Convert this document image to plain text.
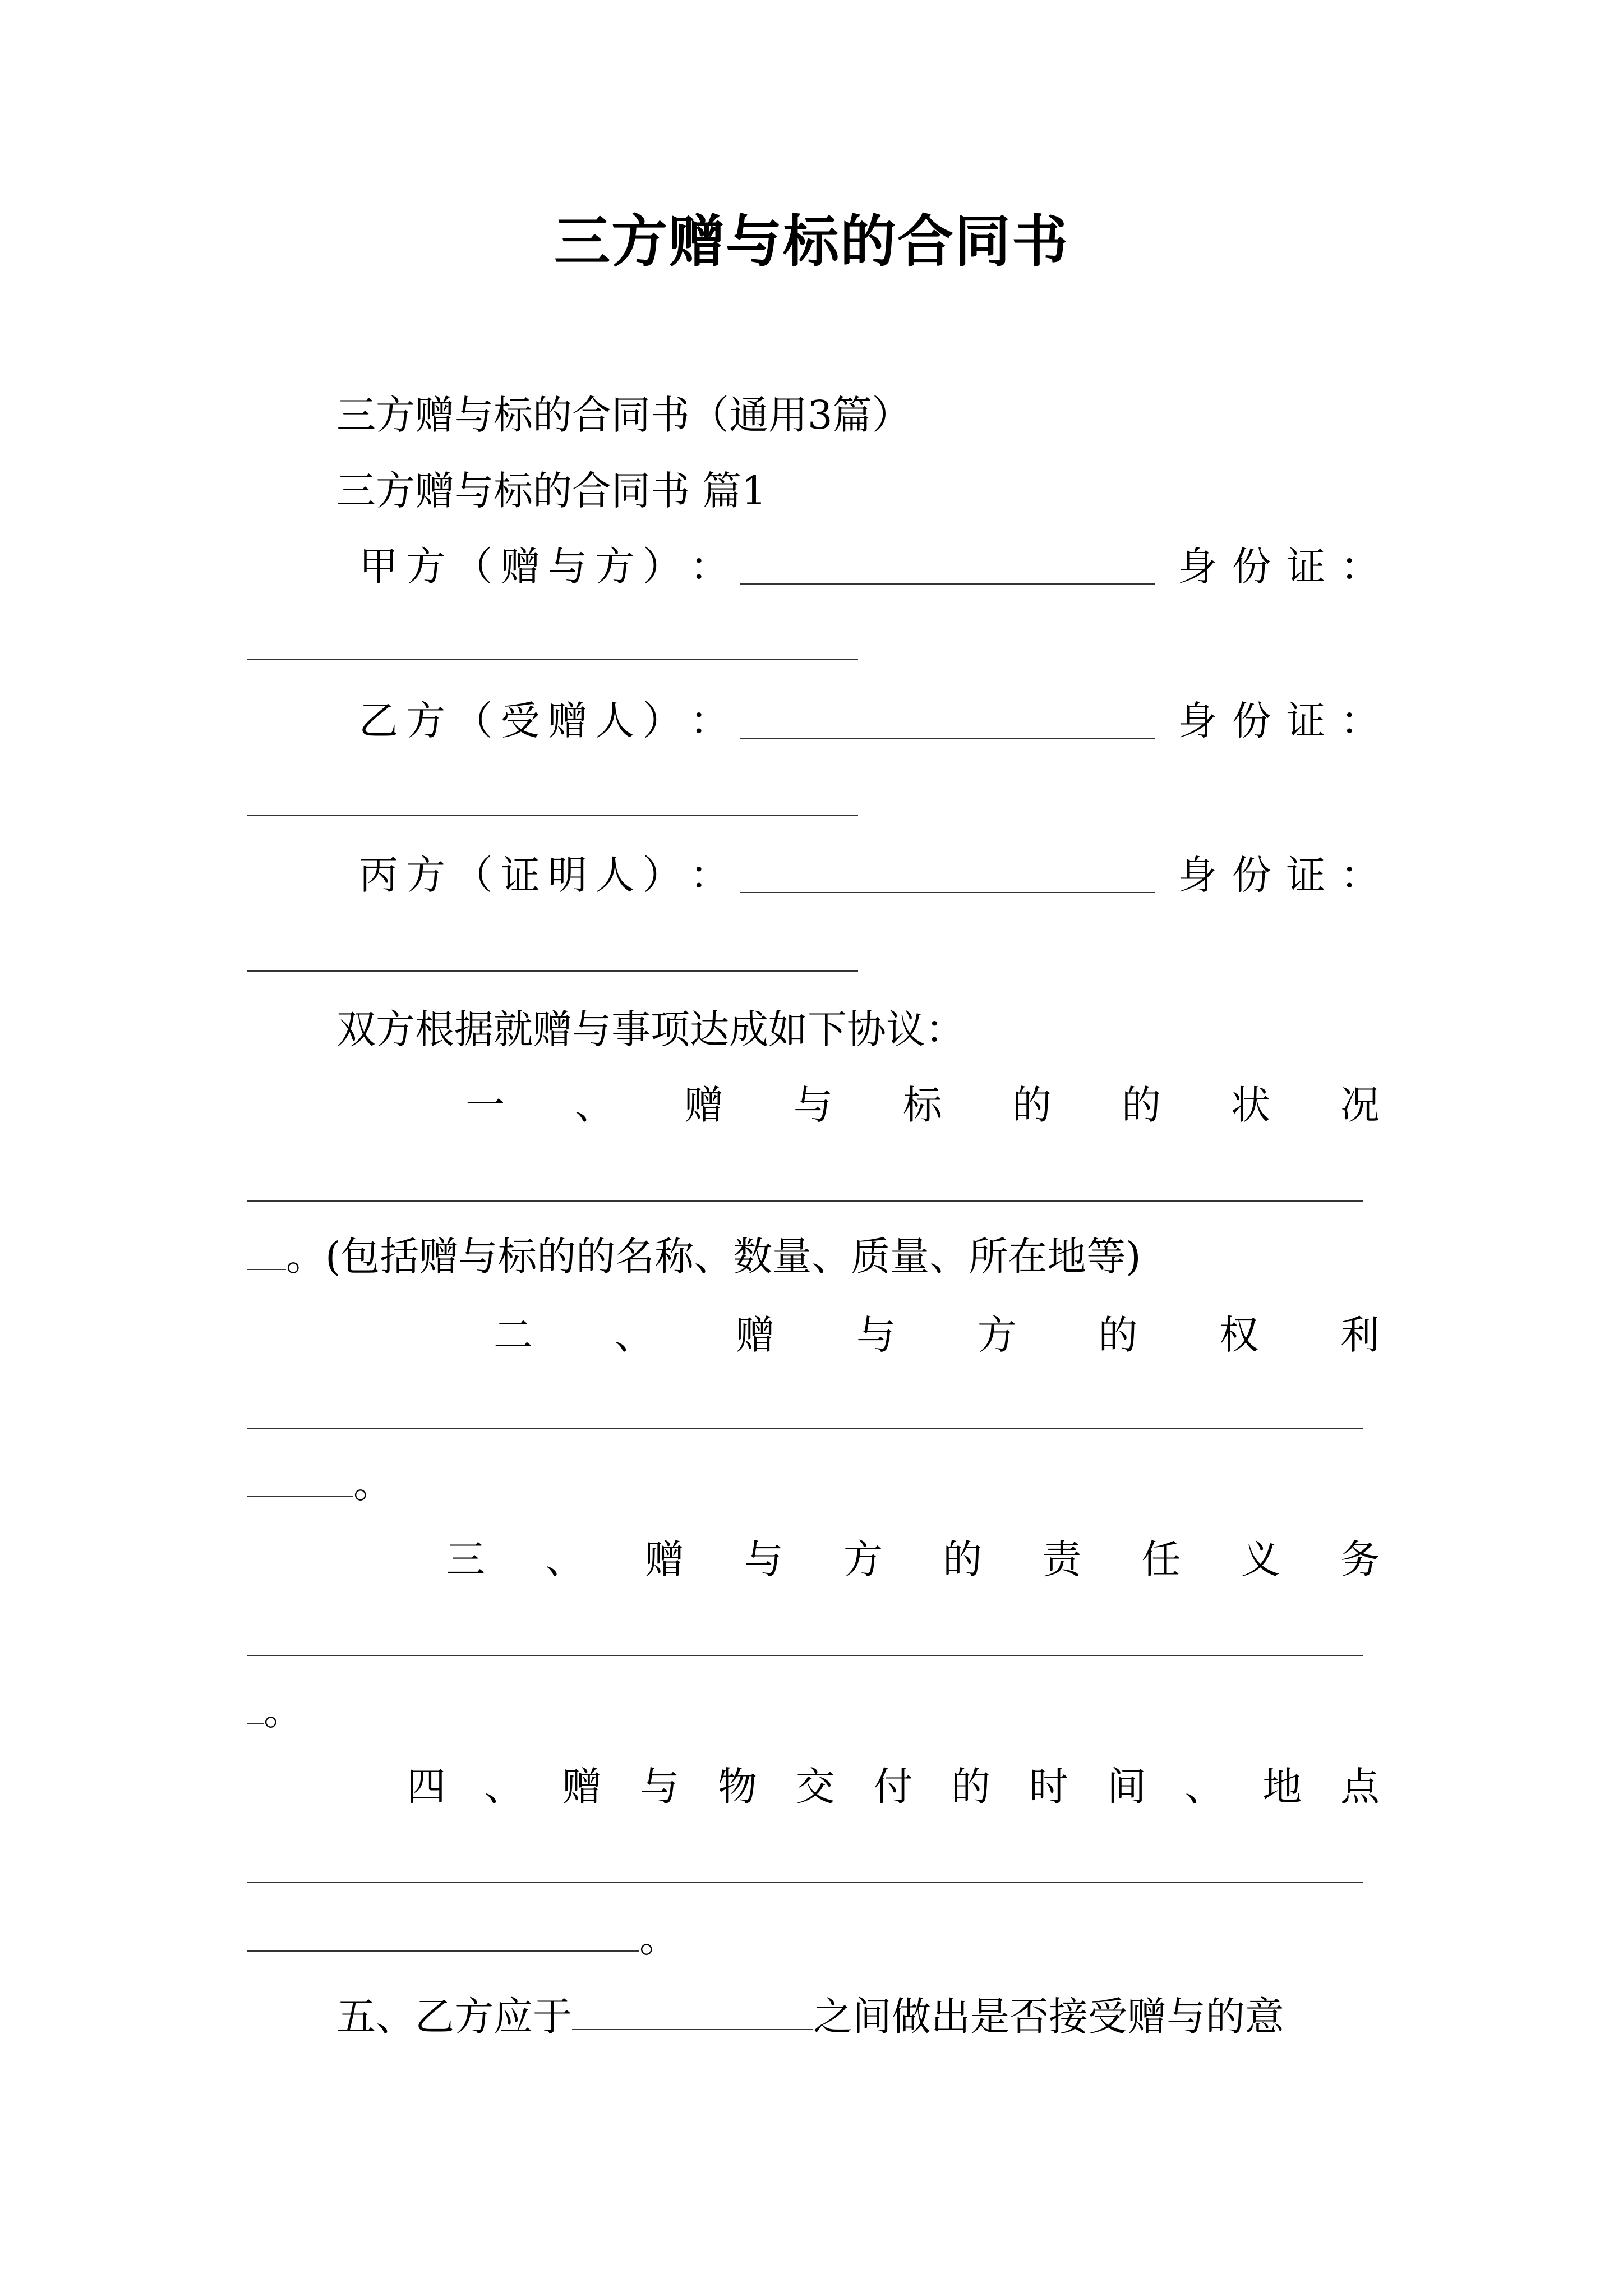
三方赠与标的合同书
三方赠与标的合同书（通用3篇）
三方赠与标的合同书 篇1
甲 方 （ 赠 与 方 ） ：	身 份 证 ：
乙 方 （ 受 赠 人 ） ：	身 份 证 ：
丙 方 （ 证 明 人 ） ：	身 份 证 ：
双方根据就赠与事项达成如下协议：
一 、 赠 与 标 的 的 状 况
。(包括赠与标的的名称、数量、质量、所在地等)
二 、 赠 与 方 的 权 利
。
三 、 赠 与 方 的 责 任 义 务
。
四 、 赠 与 物 交 付 的 时 间 、 地 点
。
五、乙方应于	之间做出是否接受赠与的意
